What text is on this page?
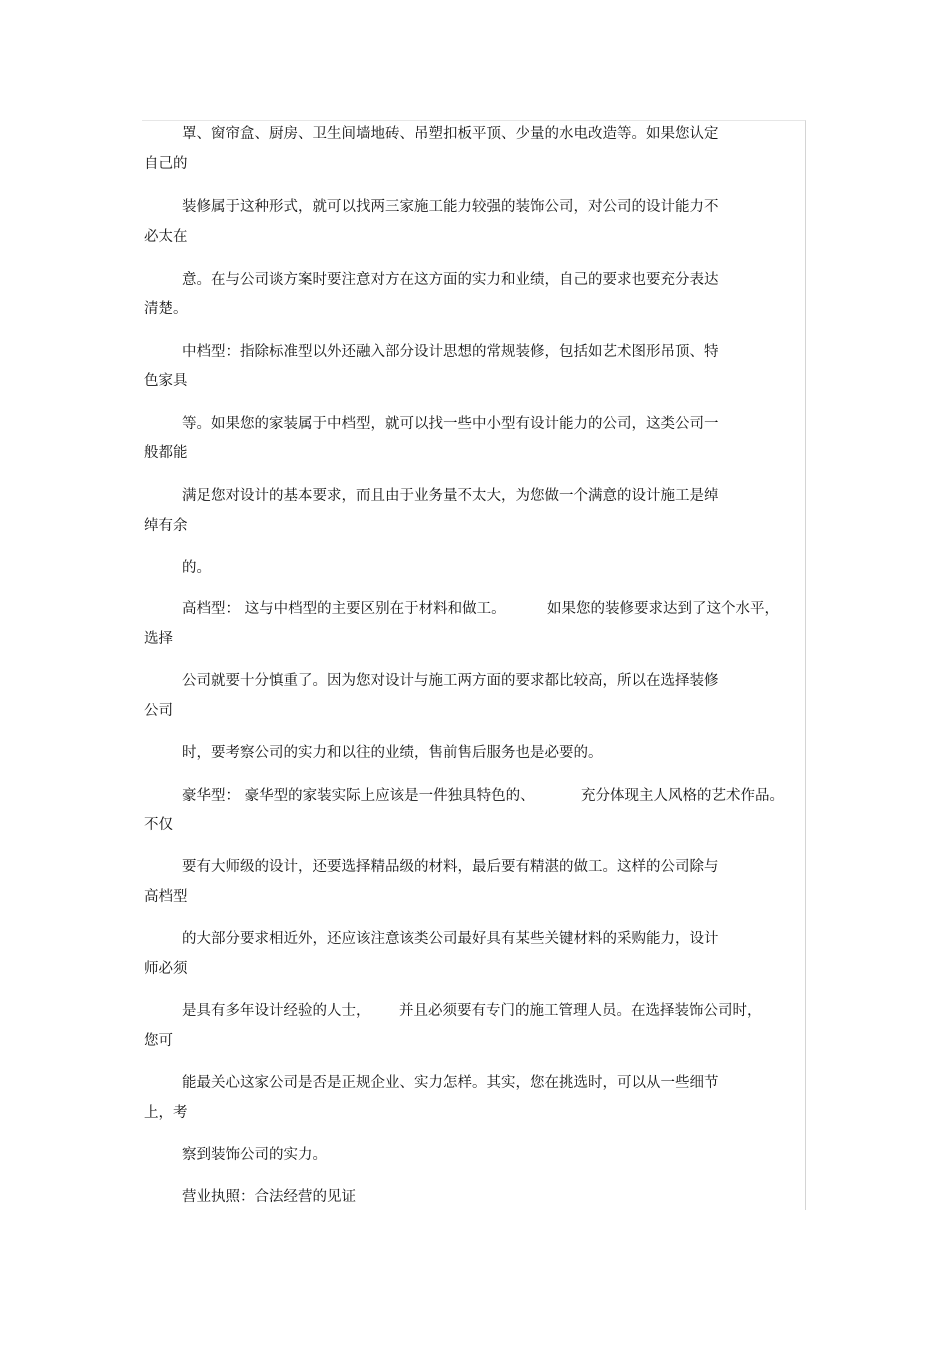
罩、窗帘盒、厨房、卫生间墙地砖、吊塑扣板平顶、少量的水电改造等。如果您认定
自己的
装修属于这种形式，就可以找两三家施工能力较强的装饰公司，对公司的设计能力不
必太在
意。在与公司谈方案时要注意对方在这方面的实力和业绩，自己的要求也要充分表达
清楚。
中档型：指除标准型以外还融入部分设计思想的常规装修，包括如艺术图形吊顶、特
色家具
等。如果您的家装属于中档型，就可以找一些中小型有设计能力的公司，这类公司一
般都能
满足您对设计的基本要求，而且由于业务量不太大，为您做一个满意的设计施工是绰
绰有余
的。
高档型： 这与中档型的主要区别在于材料和做工。	如果您的装修要求达到了这个水平，
选择
公司就要十分慎重了。因为您对设计与施工两方面的要求都比较高，所以在选择装修
公司
时，要考察公司的实力和以往的业绩，售前售后服务也是必要的。
豪华型： 豪华型的家装实际上应该是一件独具特色的、	充分体现主人风格的艺术作品。
不仅
要有大师级的设计，还要选择精品级的材料，最后要有精湛的做工。这样的公司除与
高档型
的大部分要求相近外，还应该注意该类公司最好具有某些关键材料的采购能力，设计
师必须
是具有多年设计经验的人士， 并且必须要有专门的施工管理人员。在选择装饰公司时，
您可
能最关心这家公司是否是正规企业、实力怎样。其实，您在挑选时，可以从一些细节
上，考
察到装饰公司的实力。
营业执照：合法经营的见证
